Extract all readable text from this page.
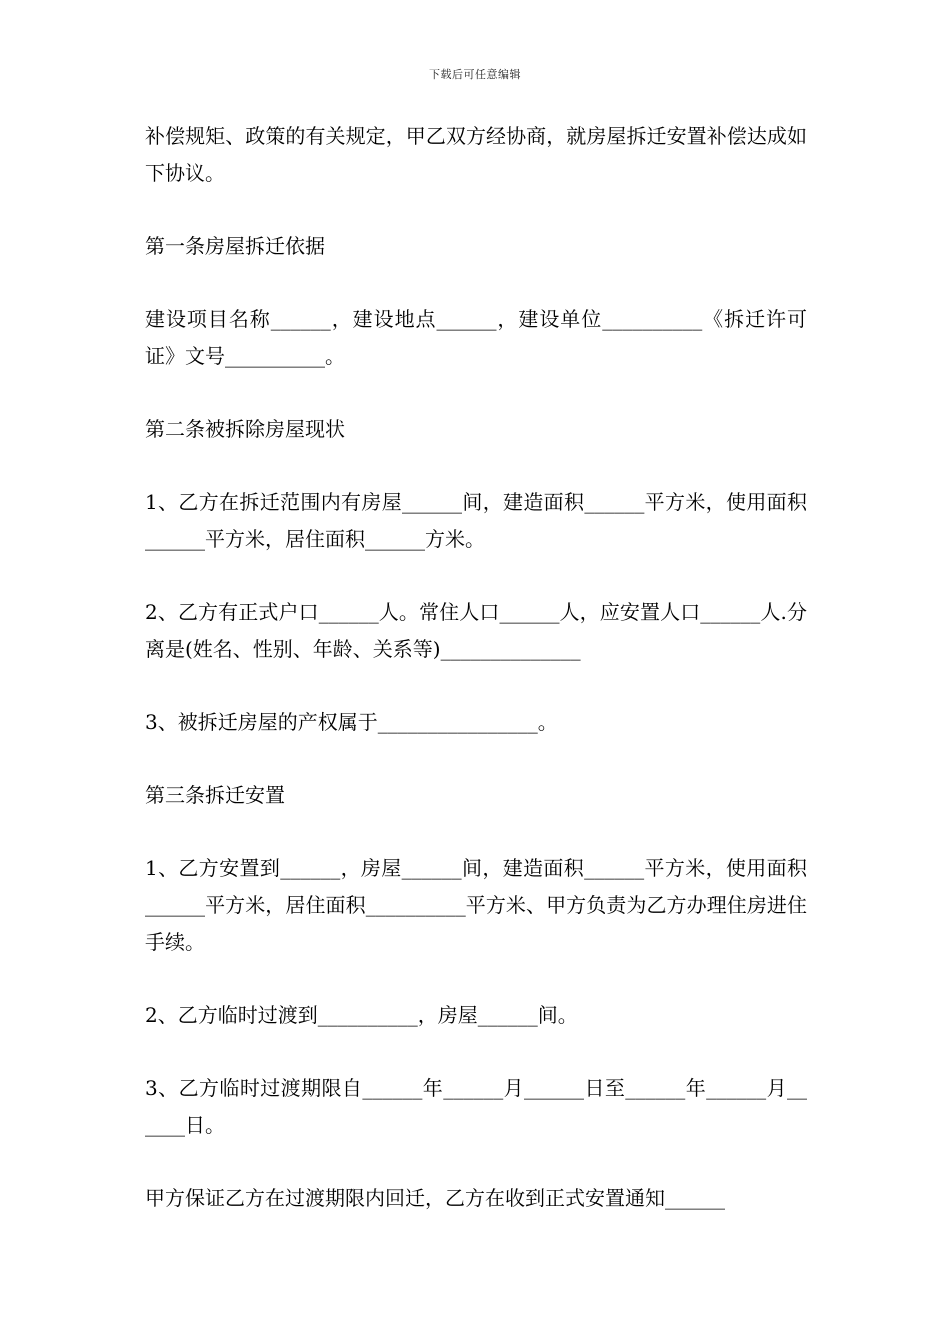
下载后可任意编辑

补偿规矩、政策的有关规定，甲乙双方经协商，就房屋拆迁安置补偿达成如下协议。

第一条房屋拆迁依据

建设项目名称______，建设地点______，建设单位__________《拆迁许可证》文号__________。

第二条被拆除房屋现状

1、乙方在拆迁范围内有房屋______间，建造面积______平方米，使用面积______平方米，居住面积______方米。

2、乙方有正式户口______人。常住人口______人，应安置人口______人.分离是(姓名、性别、年龄、关系等)______________

3、被拆迁房屋的产权属于________________。

第三条拆迁安置

1、乙方安置到______，房屋______间，建造面积______平方米，使用面积______平方米，居住面积__________平方米、甲方负责为乙方办理住房进住手续。

2、乙方临时过渡到__________，房屋______间。

3、乙方临时过渡期限自______年______月______日至______年______月______日。

甲方保证乙方在过渡期限内回迁，乙方在收到正式安置通知______
